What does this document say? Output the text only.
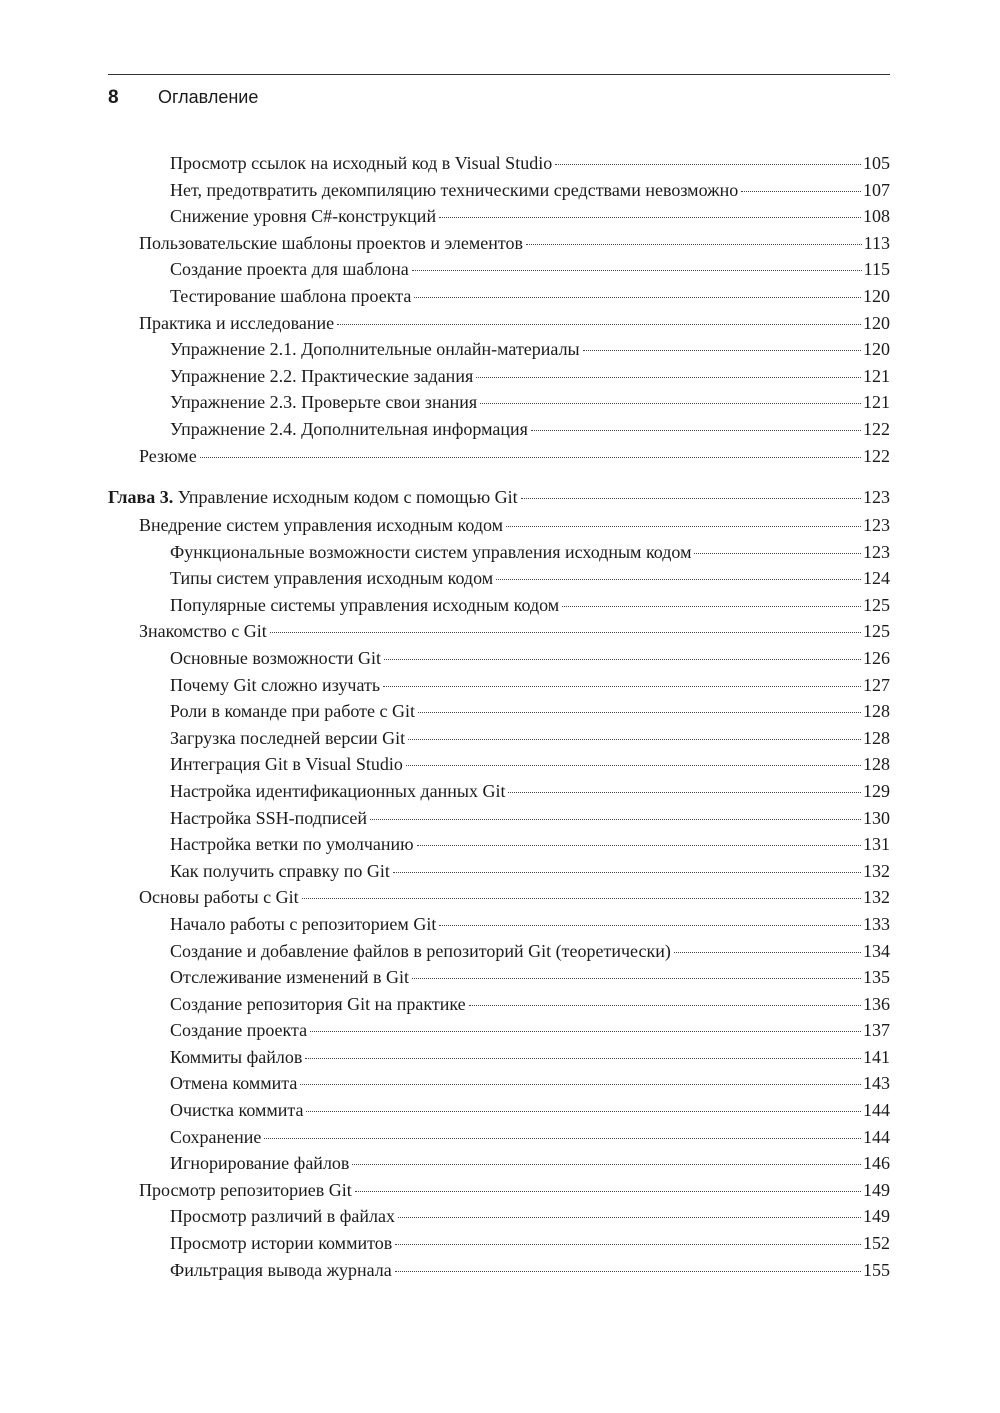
8 Оглавление
Просмотр ссылок на исходный код в Visual Studio	105
Нет, предотвратить декомпиляцию техническими средствами невозможно	107
Снижение уровня С#-конструкций	108
Пользовательские шаблоны проектов и элементов	113
Создание проекта для шаблона	115
Тестирование шаблона проекта	120
Практика и исследование	120
Упражнение 2.1. Дополнительные онлайн-материалы	120
Упражнение 2.2. Практические задания	121
Упражнение 2.3. Проверьте свои знания	121
Упражнение 2.4. Дополнительная информация	122
Резюме	122
Глава 3. Управление исходным кодом с помощью Git	123
Внедрение систем управления исходным кодом	123
Функциональные возможности систем управления исходным кодом	123
Типы систем управления исходным кодом	124
Популярные системы управления исходным кодом	125
Знакомство с Git	125
Основные возможности Git	126
Почему Git сложно изучать	127
Роли в команде при работе с Git	128
Загрузка последней версии Git	128
Интеграция Git в Visual Studio	128
Настройка идентификационных данных Git	129
Настройка SSH-подписей	130
Настройка ветки по умолчанию	131
Как получить справку по Git	132
Основы работы с Git	132
Начало работы с репозиторием Git	133
Создание и добавление файлов в репозиторий Git (теоретически)	134
Отслеживание изменений в Git	135
Создание репозитория Git на практике	136
Создание проекта	137
Коммиты файлов	141
Отмена коммита	143
Очистка коммита	144
Сохранение	144
Игнорирование файлов	146
Просмотр репозиториев Git	149
Просмотр различий в файлах	149
Просмотр истории коммитов	152
Фильтрация вывода журнала	155
